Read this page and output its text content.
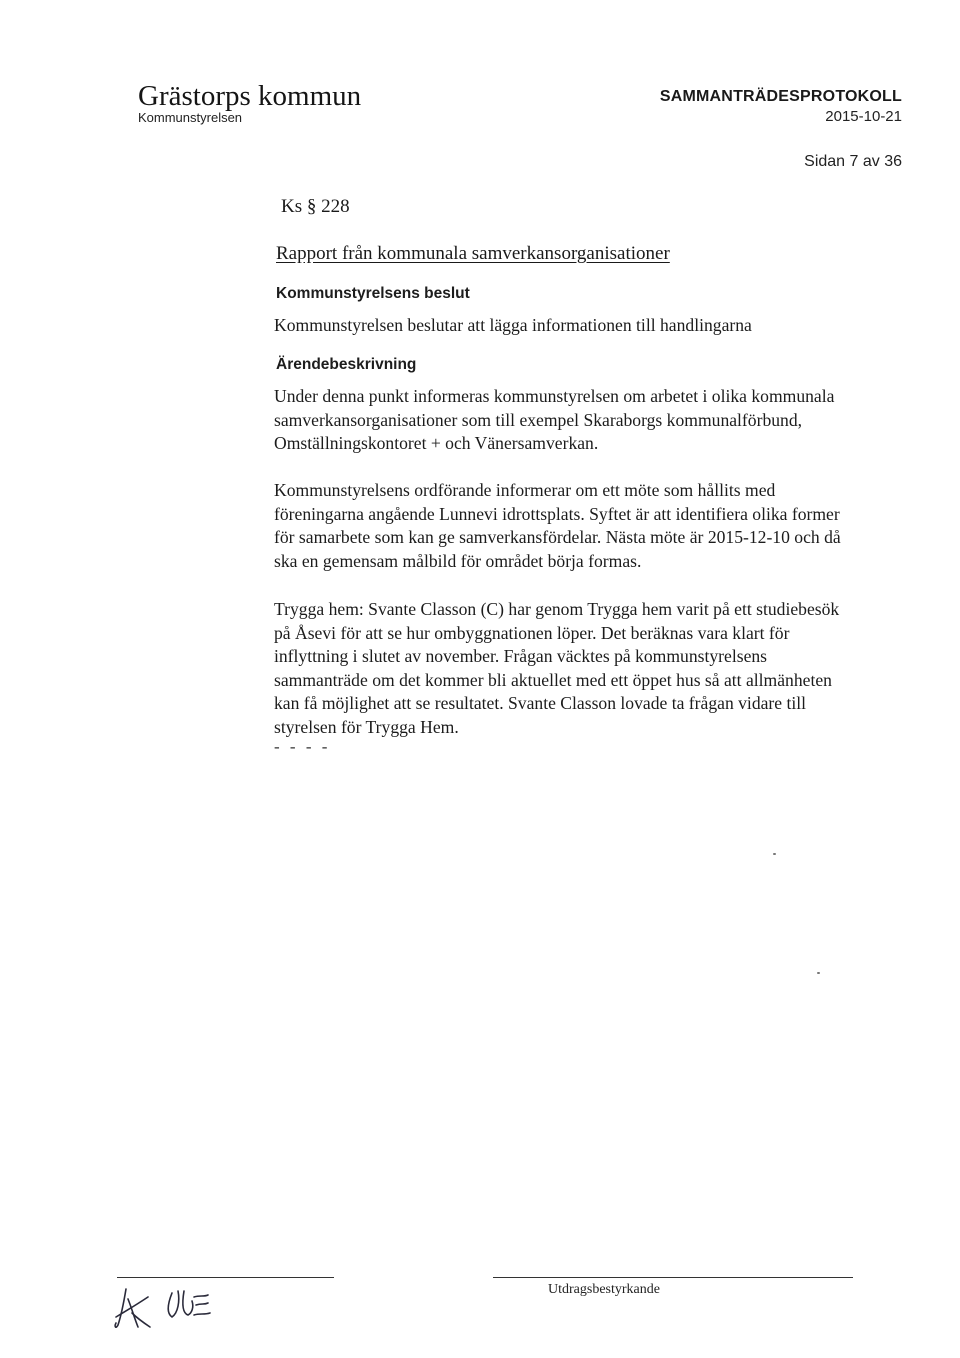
Grästorps kommun
Kommunstyrelsen
SAMMANTRÄDESPROTOKOLL
2015-10-21
Sidan 7 av 36
Ks § 228
Rapport från kommunala samverkansorganisationer
Kommunstyrelsens beslut
Kommunstyrelsen beslutar att lägga informationen till handlingarna
Ärendebeskrivning
Under denna punkt informeras kommunstyrelsen om arbetet i olika kommunala samverkansorganisationer som till exempel Skaraborgs kommunalförbund, Omställningskontoret + och Vänersamverkan.
Kommunstyrelsens ordförande informerar om ett möte som hållits med föreningarna angående Lunnevi idrottsplats. Syftet är att identifiera olika former för samarbete som kan ge samverkansfördelar. Nästa möte är 2015-12-10 och då ska en gemensam målbild för området börja formas.
Trygga hem: Svante Classon (C) har genom Trygga hem varit på ett studiebesök på Åsevi för att se hur ombyggnationen löper. Det beräknas vara klart för inflyttning i slutet av november. Frågan väcktes på kommunstyrelsens sammanträde om det kommer bli aktuellet med ett öppet hus så att allmänheten kan få möjlighet att se resultatet. Svante Classon lovade ta frågan vidare till styrelsen för Trygga Hem.
- - - -
Utdragsbestyrkande
